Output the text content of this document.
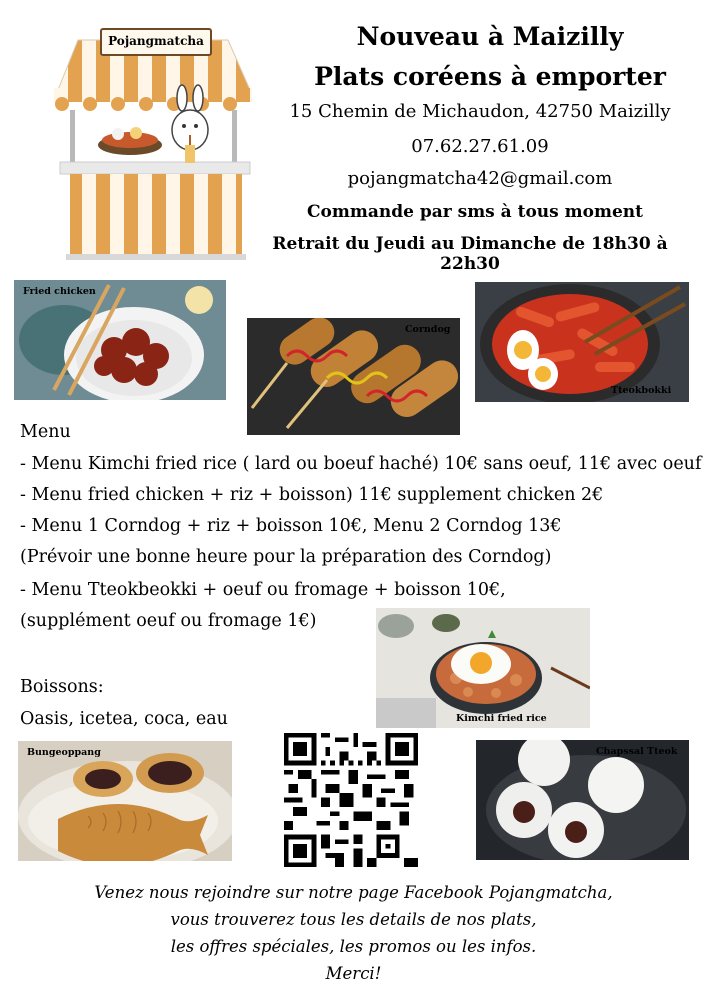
Pojangmatcha	Nouveau à Maizilly
Plats coréens à emporter
15 Chemin de Michaudon, 42750 Maizilly
07.62.27.61.09
pojangmatcha42@gmail.com
Commande par sms à tous moment
Retrait du Jeudi au Dimanche de 18h30 à 22h30
Fried chicken
Corndog
Tteokbokki
Menu
- Menu Kimchi fried rice ( lard ou boeuf haché) 10€ sans oeuf, 11€ avec oeuf
- Menu fried chicken + riz + boisson) 11€ supplement chicken 2€
- Menu 1 Corndog + riz + boisson 10€, Menu 2 Corndog 13€
(Prévoir une bonne heure pour la préparation des Corndog)
- Menu Tteokbeokki + oeuf ou fromage + boisson 10€,
(supplément oeuf ou fromage 1€)
Kimchi fried rice
Boissons:
Oasis, icetea, coca, eau
Bungeoppang	Chapssal Tteok
Venez nous rejoindre sur notre page Facebook Pojangmatcha,
vous trouverez tous les details de nos plats,
les offres spéciales, les promos ou les infos.
Merci!
